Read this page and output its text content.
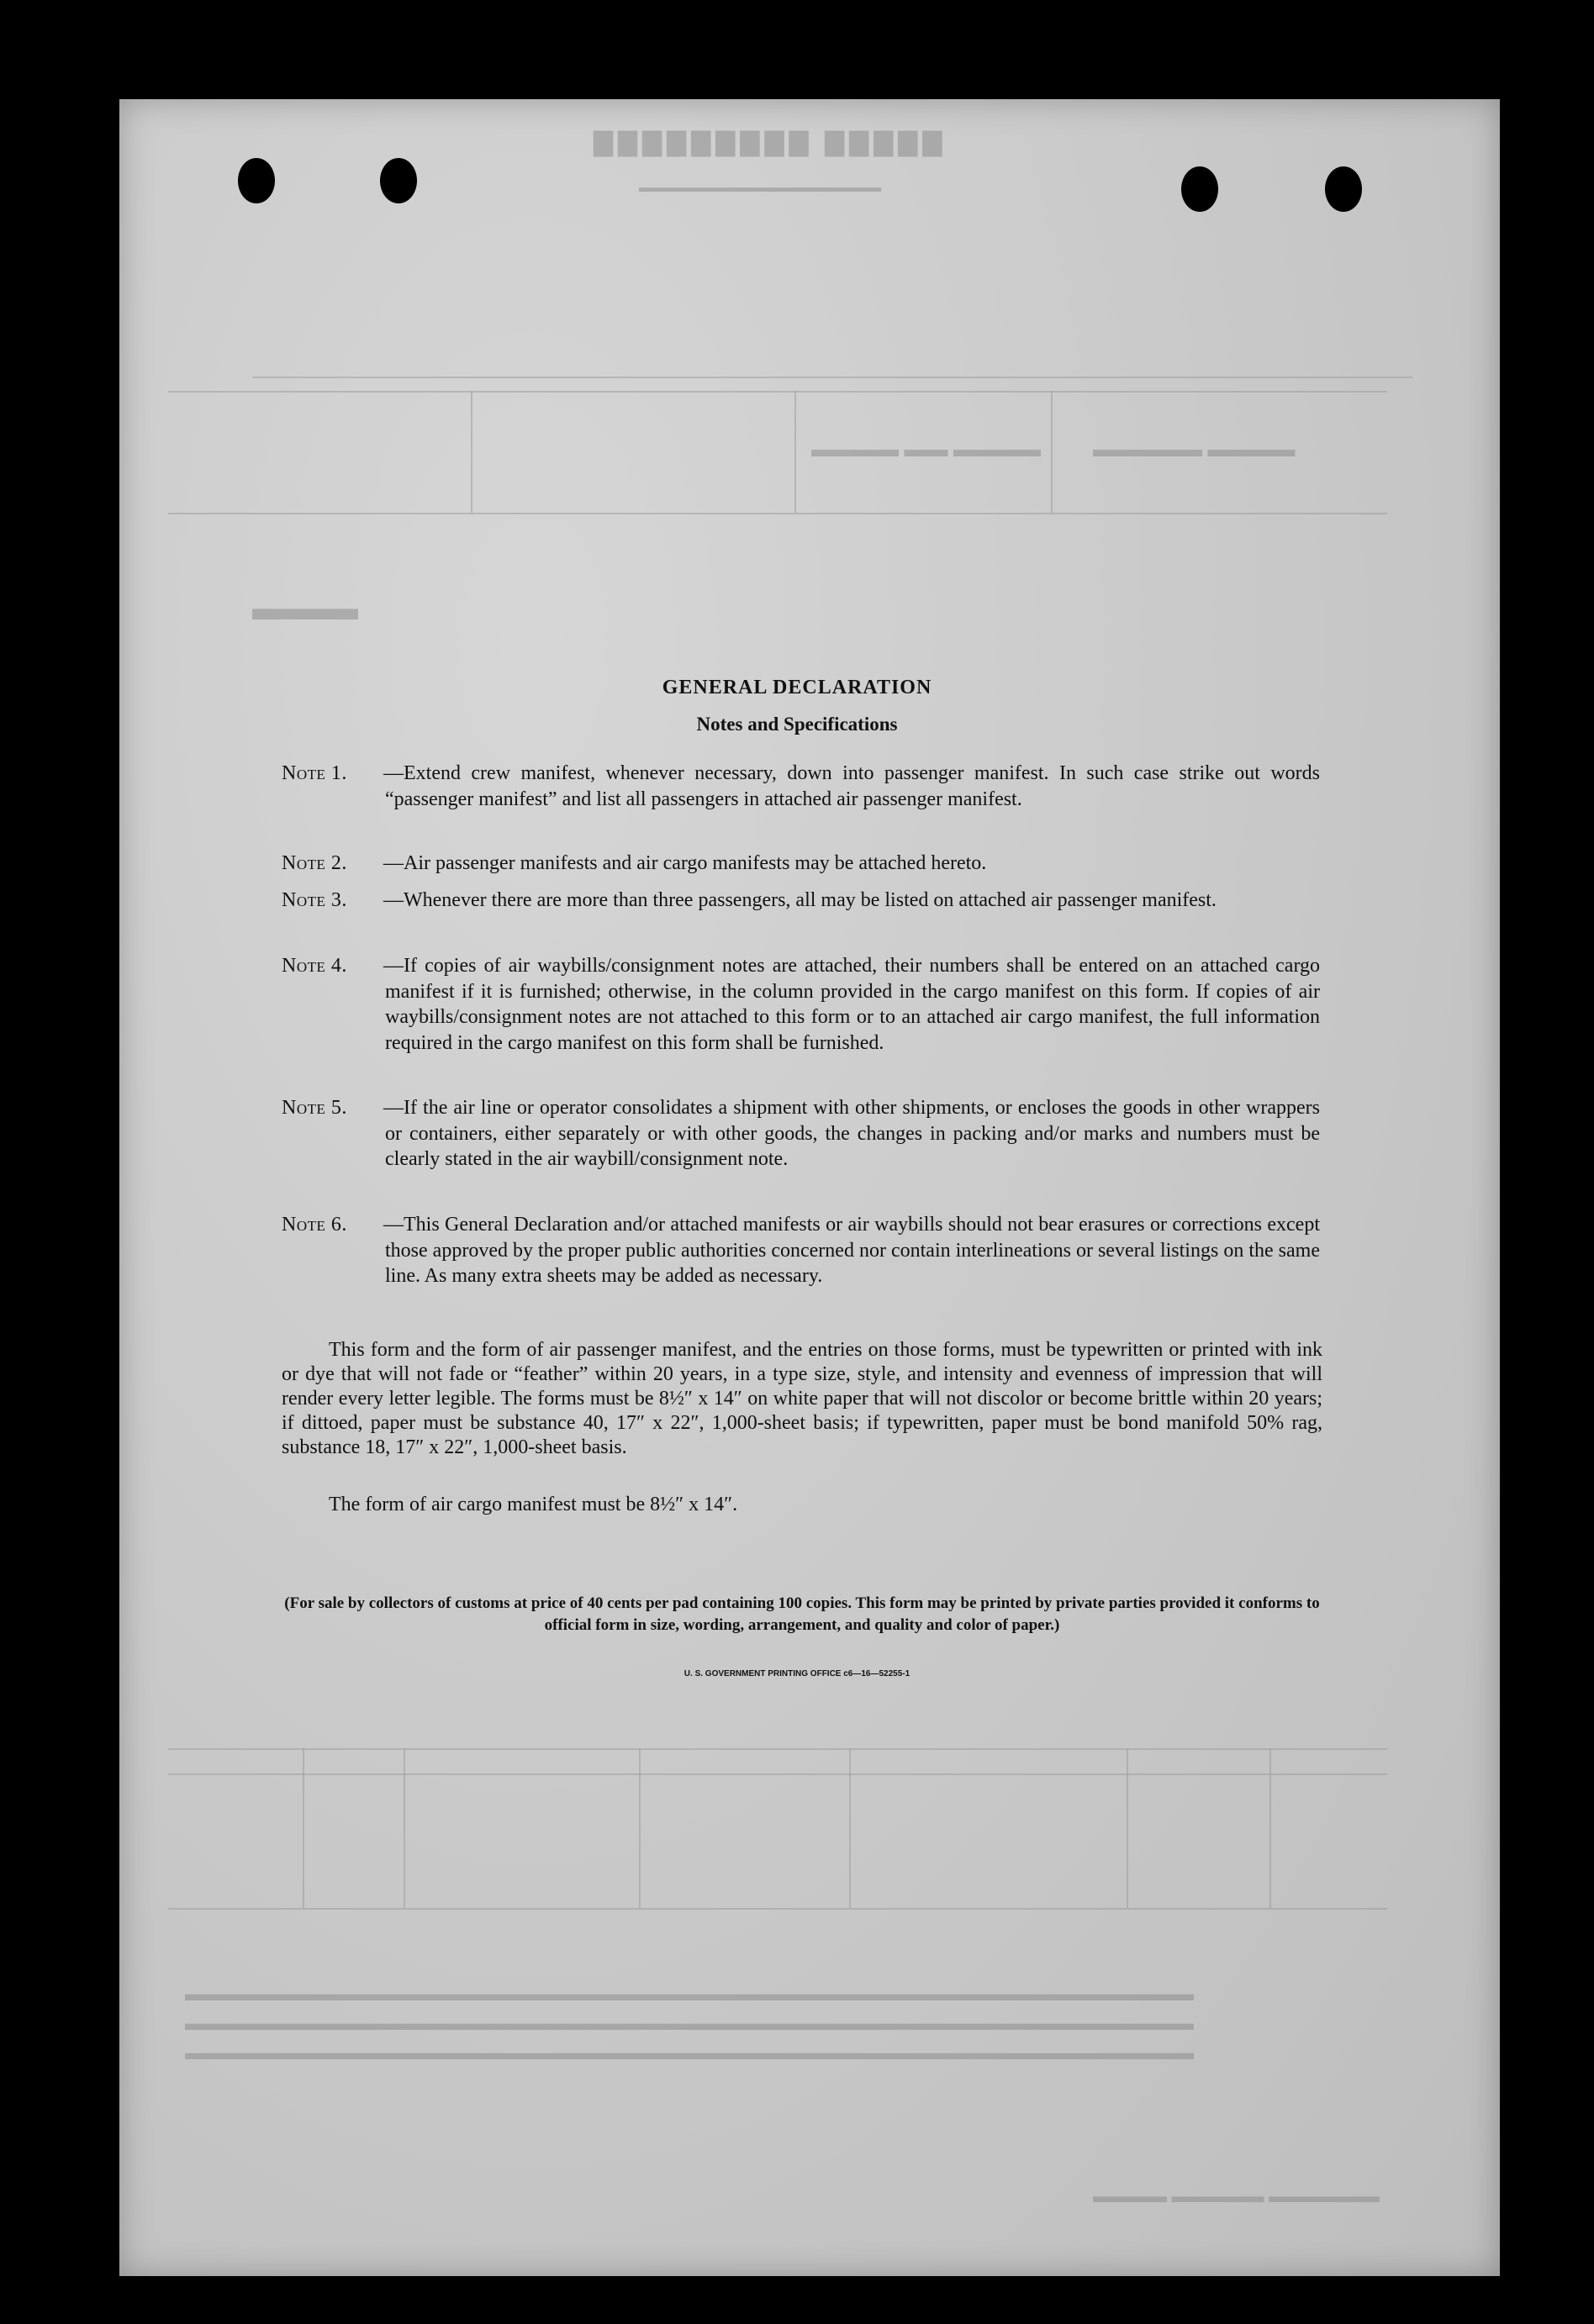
▇▇▇▇▇ ▇▇▇▇▇▇▇▇▇
▬▬▬▬▬▬▬▬▬▬▬▬▬▬▬▬▬▬
▬▬▬▬ ▬▬ ▬▬▬▬ ▬▬▬▬▬ ▬▬▬▬
▬▬▬
▬▬▬▬▬▬▬▬▬▬▬▬▬▬▬▬▬▬▬▬▬▬▬▬▬▬▬▬▬▬▬▬▬▬▬▬▬▬▬▬▬▬▬▬▬▬▬▬▬▬
▬▬▬▬▬▬▬▬▬▬▬▬▬▬▬▬▬▬▬▬▬▬▬▬▬▬▬▬▬▬▬▬▬▬▬▬▬▬▬▬▬▬▬▬▬▬▬▬▬▬
▬▬▬▬▬▬▬▬▬▬▬▬▬▬▬▬▬▬▬▬▬▬▬▬▬▬▬▬▬▬▬▬▬▬▬▬▬▬▬▬▬▬▬▬▬▬▬▬▬▬
▬▬▬▬ ▬▬▬▬▬ ▬▬▬▬▬▬
GENERAL DECLARATION
Notes and Specifications
Note 1. —Extend crew manifest, whenever necessary, down into passenger manifest. In such case strike out words “passenger manifest” and list all passengers in attached air passenger manifest.
Note 2. —Air passenger manifests and air cargo manifests may be attached hereto.
Note 3. —Whenever there are more than three passengers, all may be listed on attached air passenger manifest.
Note 4. —If copies of air waybills/consignment notes are attached, their numbers shall be entered on an attached cargo manifest if it is furnished; otherwise, in the column provided in the cargo manifest on this form. If copies of air waybills/consignment notes are not attached to this form or to an attached air cargo manifest, the full information required in the cargo manifest on this form shall be furnished.
Note 5. —If the air line or operator consolidates a shipment with other shipments, or encloses the goods in other wrappers or containers, either separately or with other goods, the changes in packing and/or marks and numbers must be clearly stated in the air waybill/consignment note.
Note 6. —This General Declaration and/or attached manifests or air waybills should not bear erasures or corrections except those approved by the proper public authorities concerned nor contain interlineations or several listings on the same line. As many extra sheets may be added as necessary.
This form and the form of air passenger manifest, and the entries on those forms, must be typewritten or printed with ink or dye that will not fade or “feather” within 20 years, in a type size, style, and intensity and evenness of impression that will render every letter legible. The forms must be 8½″ x 14″ on white paper that will not discolor or become brittle within 20 years; if dittoed, paper must be substance 40, 17″ x 22″, 1,000-sheet basis; if typewritten, paper must be bond manifold 50% rag, substance 18, 17″ x 22″, 1,000-sheet basis.
The form of air cargo manifest must be 8½″ x 14″.
(For sale by collectors of customs at price of 40 cents per pad containing 100 copies. This form may be printed by private parties provided it conforms to official form in size, wording, arrangement, and quality and color of paper.)
U. S. GOVERNMENT PRINTING OFFICE c6—16—52255-1
